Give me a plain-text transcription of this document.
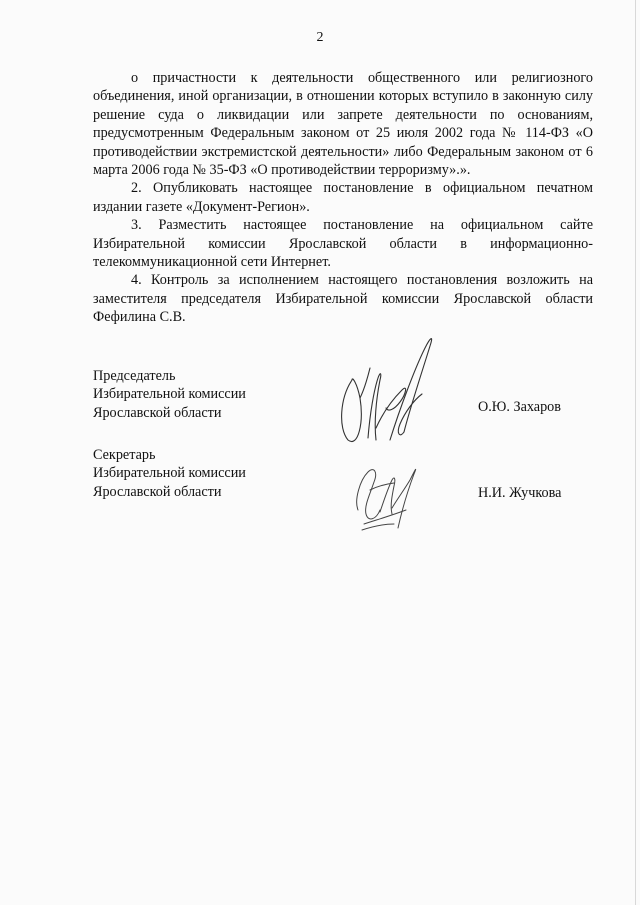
2

о причастности к деятельности общественного или религиозного объединения, иной организации, в отношении которых вступило в законную силу решение суда о ликвидации или запрете деятельности по основаниям, предусмотренным Федеральным законом от 25 июля 2002 года № 114-ФЗ «О противодействии экстремистской деятельности» либо Федеральным законом от 6 марта 2006 года № 35-ФЗ «О противодействии терроризму».».

2. Опубликовать настоящее постановление в официальном печатном издании газете «Документ-Регион».

3. Разместить настоящее постановление на официальном сайте Избирательной комиссии Ярославской области в информационно-телекоммуникационной сети Интернет.

4. Контроль за исполнением настоящего постановления возложить на заместителя председателя Избирательной комиссии Ярославской области Фефилина С.В.

Председатель
Избирательной комиссии
Ярославской области	О.Ю. Захаров
Секретарь
Избирательной комиссии
Ярославской области	Н.И. Жучкова
